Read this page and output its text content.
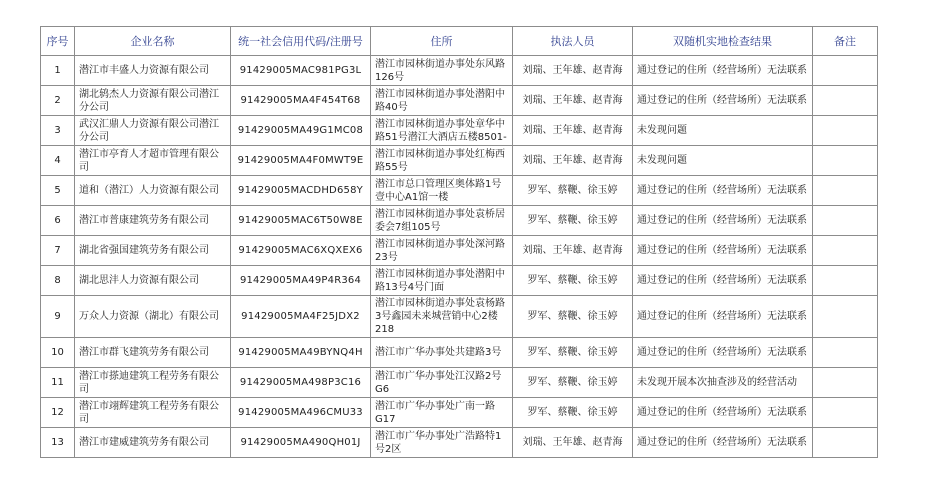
序号	企业名称	统一社会信用代码/注册号	住所	执法人员	双随机实地检查结果	备注
1	潜江市丰盛人力资源有限公司	91429005MAC981PG3L	潜江市园林街道办事处东风路126号	刘瑞、王年雄、赵青海	通过登记的住所（经营场所）无法联系	
2	湖北鸫杰人力资源有限公司潜江分公司	91429005MA4F454T68	潜江市园林街道办事处潜阳中路40号	刘瑞、王年雄、赵青海	通过登记的住所（经营场所）无法联系	
3	武汉汇鼎人力资源有限公司潜江分公司	91429005MA49G1MC08	潜江市园林街道办事处章华中路51号潜江大酒店五楼8501-	刘瑞、王年雄、赵青海	未发现问题	
4	潜江市亭育人才超市管理有限公司	91429005MA4F0MWT9E	潜江市园林街道办事处红梅西路55号	刘瑞、王年雄、赵青海	未发现问题	
5	道和（潜江）人力资源有限公司	91429005MACDHD658Y	潜江市总口管理区奥体路1号壹中心A1馆一楼	罗军、蔡鞭、徐玉婷	通过登记的住所（经营场所）无法联系	
6	潜江市普康建筑劳务有限公司	91429005MAC6T50W8E	潜江市园林街道办事处袁桥居委会7组105号	罗军、蔡鞭、徐玉婷	通过登记的住所（经营场所）无法联系	
7	湖北省强国建筑劳务有限公司	91429005MAC6XQXEX6	潜江市园林街道办事处深河路23号	刘瑞、王年雄、赵青海	通过登记的住所（经营场所）无法联系	
8	湖北思沣人力资源有限公司	91429005MA49P4R364	潜江市园林街道办事处潜阳中路13号4号门面	罗军、蔡鞭、徐玉婷	通过登记的住所（经营场所）无法联系	
9	万众人力资源（湖北）有限公司	91429005MA4F25JDX2	潜江市园林街道办事处袁杨路3号鑫园未来城营销中心2楼218	罗军、蔡鞭、徐玉婷	通过登记的住所（经营场所）无法联系	
10	潜江市群飞建筑劳务有限公司	91429005MA49BYNQ4H	潜江市广华办事处共建路3号	罗军、蔡鞭、徐玉婷	通过登记的住所（经营场所）无法联系	
11	潜江市搽迪建筑工程劳务有限公司	91429005MA498P3C16	潜江市广华办事处江汉路2号G6	罗军、蔡鞭、徐玉婷	未发现开展本次抽查涉及的经营活动	
12	潜江市翊辉建筑工程劳务有限公司	91429005MA496CMU33	潜江市广华办事处广南一路G17	罗军、蔡鞭、徐玉婷	通过登记的住所（经营场所）无法联系	
13	潜江市建威建筑劳务有限公司	91429005MA490QH01J	潜江市广华办事处广浩路特1号2区	刘瑞、王年雄、赵青海	通过登记的住所（经营场所）无法联系	
